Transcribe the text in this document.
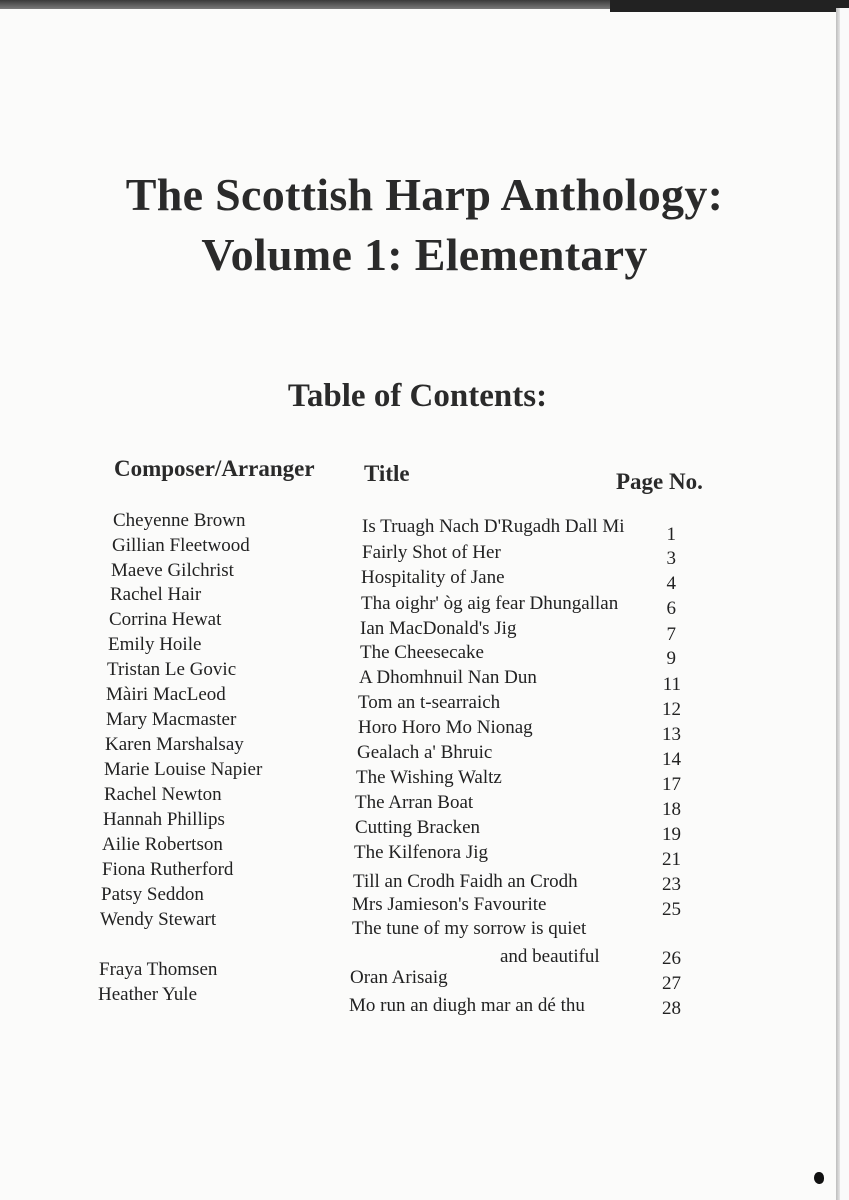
The Scottish Harp Anthology:
Volume 1: Elementary
Table of Contents:
Composer/Arranger Title	Page No.
Cheyenne Brown
Gillian Fleetwood
Maeve Gilchrist
Rachel Hair
Corrina Hewat
Emily Hoile
Tristan Le Govic
Màiri MacLeod
Mary Macmaster
Karen Marshalsay
Marie Louise Napier
Rachel Newton
Hannah Phillips
Ailie Robertson
Fiona Rutherford
Patsy Seddon
Wendy Stewart
Fraya Thomsen
Heather Yule
Is Truagh Nach D'Rugadh Dall Mi
Fairly Shot of Her
Hospitality of Jane
Tha oighr' òg aig fear Dhungallan
Ian MacDonald's Jig
The Cheesecake
A Dhomhnuil Nan Dun
Tom an t-searraich
Horo Horo Mo Nionag
Gealach a' Bhruic
The Wishing Waltz
The Arran Boat
Cutting Bracken
The Kilfenora Jig
Till an Crodh Faidh an Crodh
Mrs Jamieson's Favourite
The tune of my sorrow is quiet
and beautiful
Oran Arisaig
Mo run an diugh mar an dé thu
1
3
4
6
7
9
11
12
13
14
17
18
19
21
23
25
26
27
28
